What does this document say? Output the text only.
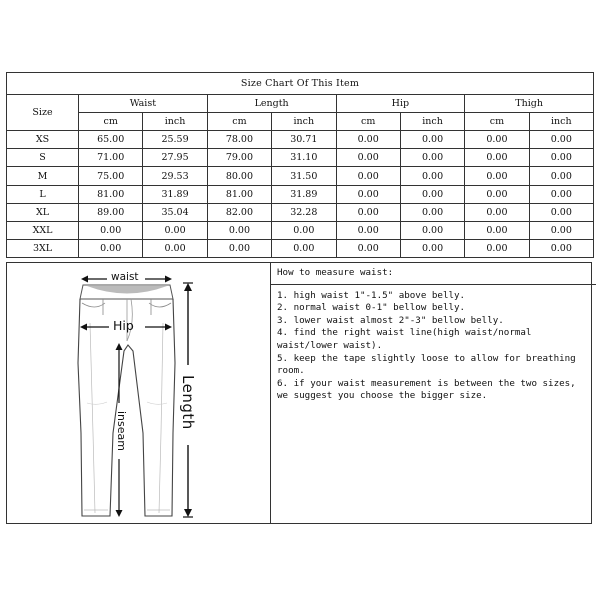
Size Chart Of This Item								
Size	Waist		Length		Hip		Thigh	
	cm	inch	cm	inch	cm	inch	cm	inch
XS	65.00	25.59	78.00	30.71	0.00	0.00	0.00	0.00
S	71.00	27.95	79.00	31.10	0.00	0.00	0.00	0.00
M	75.00	29.53	80.00	31.50	0.00	0.00	0.00	0.00
L	81.00	31.89	81.00	31.89	0.00	0.00	0.00	0.00
XL	89.00	35.04	82.00	32.28	0.00	0.00	0.00	0.00
XXL	0.00	0.00	0.00	0.00	0.00	0.00	0.00	0.00
3XL	0.00	0.00	0.00	0.00	0.00	0.00	0.00	0.00
waist
Hip
inseam
Length
How to measure waist:
1. high waist 1"-1.5" above belly.
2. normal waist 0-1" bellow belly.
3. lower waist almost 2"-3" bellow belly.
4. find the right waist line(high waist/normal waist/lower waist).
5. keep the tape slightly loose to allow for breathing room.
6. if your waist measurement is between the two sizes, we suggest you choose the bigger size.
